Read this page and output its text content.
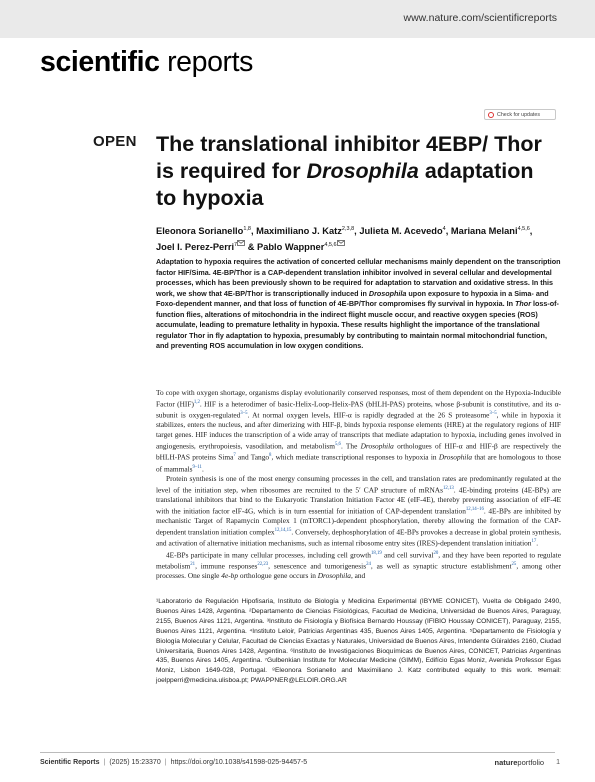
www.nature.com/scientificreports
scientific reports
Check for updates
OPEN The translational inhibitor 4EBP/ Thor is required for Drosophila adaptation to hypoxia
Eleonora Sorianello$^{1,8}$, Maximiliano J. Katz$^{2,3,8}$, Julieta M. Acevedo$^4$, Mariana Melani$^{4,5,6}$,
Joel I. Perez-Perri$^7$ & Pablo Wappner$^{4,5,6}$

Adaptation to hypoxia requires the activation of concerted cellular mechanisms mainly dependent on the transcription factor HIF/Sima. 4E-BP/Thor is a CAP-dependent translation inhibitor involved in several cellular and developmental processes, which has been previously shown to be required for adaptation to starvation and oxidative stress. In this work, we show that 4E-BP/Thor is transcriptionally induced in Drosophila upon exposure to hypoxia in a Sima- and Foxo-dependent manner, and that loss of function of 4E-BP/Thor compromises fly survival in hypoxia. In Thor loss-of-function flies, alterations of mitochondria in the indirect flight muscle occur, and reactive oxygen species (ROS) accumulate, leading to premature lethality in hypoxia. These results highlight the importance of the translational regulator Thor in fly adaptation to hypoxia, presumably by contributing to maintain normal mitochondrial function, and preventing ROS accumulation in low oxygen conditions.

To cope with oxygen shortage, organisms display evolutionarily conserved responses, most of them dependent on the Hypoxia-Inducible Factor (HIF)$^{1,2}$. HIF is a heterodimer of basic-Helix-Loop-Helix-PAS (bHLH-PAS) proteins, whose β-subunit is constitutive, and its α-subunit is oxygen-regulated$^{3-5}$. At normal oxygen levels, HIF-α is rapidly degraded at the 26 S proteasome$^{3-5}$, while in hypoxia it stabilizes, enters the nucleus, and after dimerizing with HIF-β, binds hypoxia response elements (HRE) at the regulatory regions of HIF target genes. HIF induces the transcription of a wide array of transcripts that mediate adaptation to hypoxia, including genes involved in angiogenesis, erythropoiesis, vasodilation, and metabolism$^{5,6}$. The Drosophila orthologues of HIF-α and HIF-β are respectively the bHLH-PAS proteins Sima$^7$ and Tango$^8$, which mediate transcriptional responses to hypoxia in Drosophila that are homologous to those of mammals$^{9-11}$.

Protein synthesis is one of the most energy consuming processes in the cell, and translation rates are predominantly regulated at the level of the initiation step, when ribosomes are recruited to the 5′ CAP structure of mRNAs$^{12,13}$. 4E-binding proteins (4E-BPs) are translational inhibitors that bind to the Eukaryotic Translation Initiation Factor 4E (eIF-4E), thereby preventing association of eIF-4E with the initiation factor eIF-4G, which is in turn essential for initiation of CAP-dependent translation$^{12,14-16}$. 4E-BPs are inhibited by mechanistic Target of Rapamycin Complex 1 (mTORC1)-dependent phosphorylation, thereby allowing the formation of the CAP-dependent translation initiation complex$^{12,14,15}$. Conversely, dephosphorylation of 4E-BPs provokes a decrease in global protein synthesis, and activation of alternative initiation mechanisms, such as internal ribosome entry sites (IRES)-dependent translation initiation$^{17}$.

4E-BPs participate in many cellular processes, including cell growth$^{18,19}$ and cell survival$^{20}$, and they have been reported to regulate metabolism$^{21}$, immune responses$^{22,23}$, senescence and tumorigenesis$^{24}$, as well as synaptic structure establishment$^{25}$, among other processes. One single 4e-bp orthologue gene occurs in Drosophila, and

¹Laboratorio de Regulación Hipofisaria, Instituto de Biología y Medicina Experimental (IBYME CONICET), Vuelta de Obligado 2490, Buenos Aires 1428, Argentina. ²Departamento de Ciencias Fisiológicas, Facultad de Medicina, Universidad de Buenos Aires, Paraguay, 2155, Buenos Aires 1121, Argentina. ³Instituto de Fisiología y Biofísica Bernardo Houssay (IFIBIO Houssay CONICET), Paraguay, 2155, Buenos Aires 1121, Argentina. ⁴Instituto Leloir, Patricias Argentinas 435, Buenos Aires 1405, Argentina. ⁵Departamento de Fisiología y Biología Molecular y Celular, Facultad de Ciencias Exactas y Naturales, Universidad de Buenos Aires, Intendente Güiraldes 2160, Ciudad Universitaria, Buenos Aires 1428, Argentina. ⁶Instituto de Investigaciones Bioquímicas de Buenos Aires, CONICET, Patricias Argentinas 435, Buenos Aires 1405, Argentina. ⁷Gulbenkian Institute for Molecular Medicine (GIMM), Edifício Egas Moniz, Avenida Professor Egas Moniz, Lisbon 1649-028, Portugal. ⁸Eleonora Sorianello and Maximiliano J. Katz contributed equally to this work. ✉email: joelpperri@medicina.ulisboa.pt; PWAPPNER@LELOIR.ORG.AR

Scientific Reports | (2025) 15:23370 | https://doi.org/10.1038/s41598-025-94457-5	natureportfolio 1
